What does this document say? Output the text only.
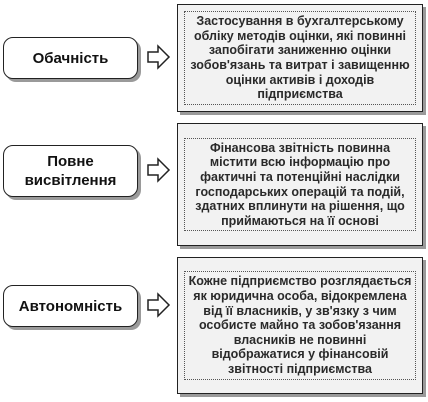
Обачність
Застосування в бухгалтерському обліку методів оцінки, які повинні запобігати заниженню оцінки зобов'язань та витрат і завищенню оцінки активів і доходів підприємства
Повне висвітлення
Фінансова звітність повинна містити всю інформацію про фактичні та потенційні наслідки господарських операцій та подій, здатних вплинути на рішення, що приймаються на її основі
Автономність
Кожне підприємство розглядається як юридична особа, відокремлена від її власників, у зв'язку з чим особисте майно та зобов'язання власників не повинні відображатися у фінансовій звітності підприємства
